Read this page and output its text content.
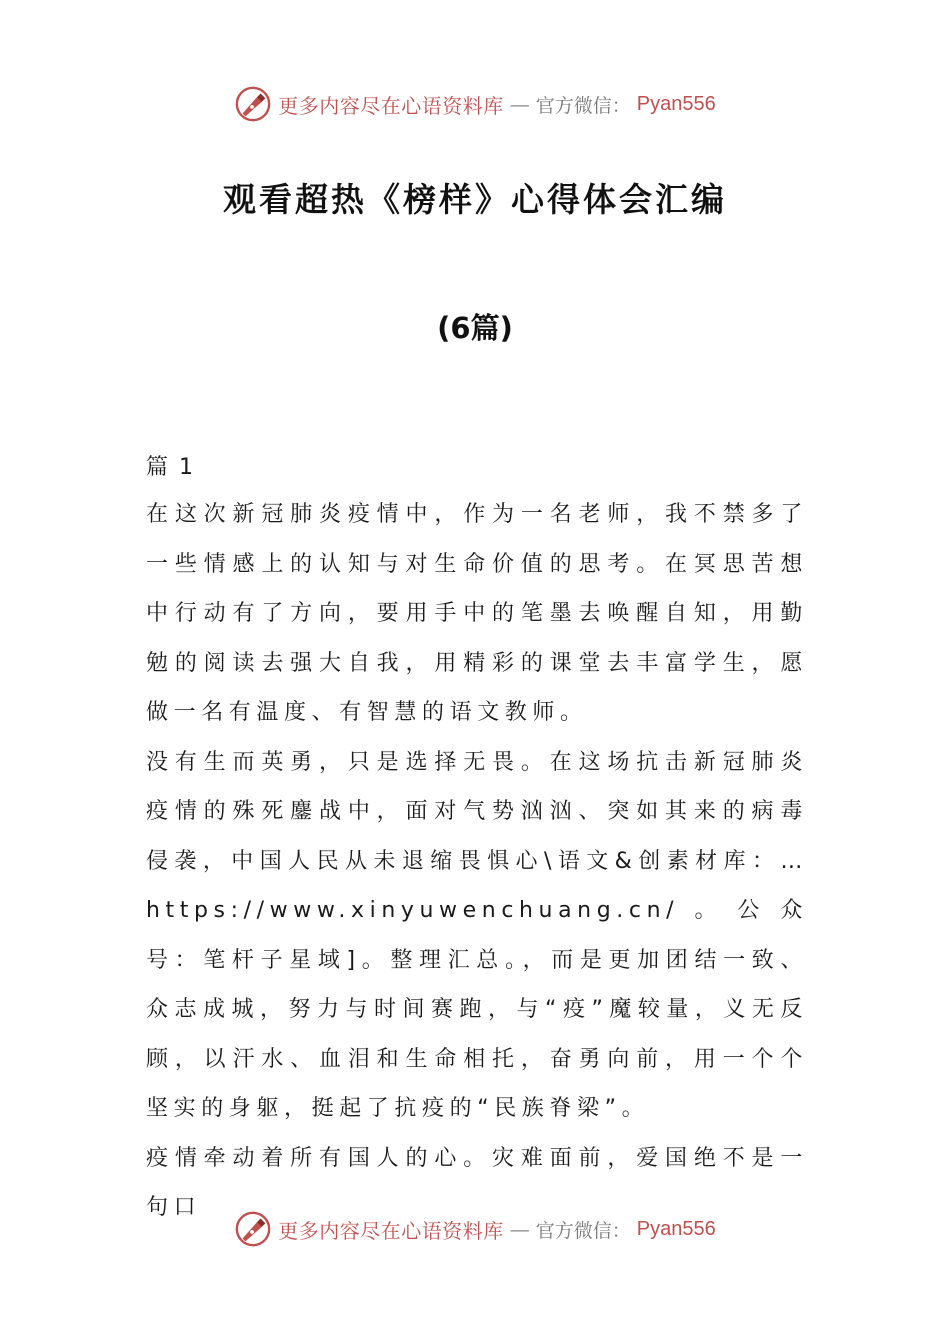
更多内容尽在心语资料库 — 官方微信： Pyan556
观看超热《榜样》心得体会汇编
(6篇)

篇 1

在这次新冠肺炎疫情中，作为一名老师，我不禁多了一些情感上的认知与对生命价值的思考。在冥思苦想中行动有了方向，要用手中的笔墨去唤醒自知，用勤勉的阅读去强大自我，用精彩的课堂去丰富学生，愿做一名有温度、有智慧的语文教师。

没有生而英勇，只是选择无畏。在这场抗击新冠肺炎疫情的殊死鏖战中，面对气势汹汹、突如其来的病毒侵袭，中国人民从未退缩畏惧心\语文&创素材库：…https://www.xinyuwenchuang.cn/。公众号：笔杆子星域]。整理汇总。，而是更加团结一致、众志成城，努力与时间赛跑，与“疫”魔较量，义无反顾，以汗水、血泪和生命相托，奋勇向前，用一个个坚实的身躯，挺起了抗疫的“民族脊梁”。

疫情牵动着所有国人的心。灾难面前，爱国绝不是一句口

更多内容尽在心语资料库 — 官方微信： Pyan556
